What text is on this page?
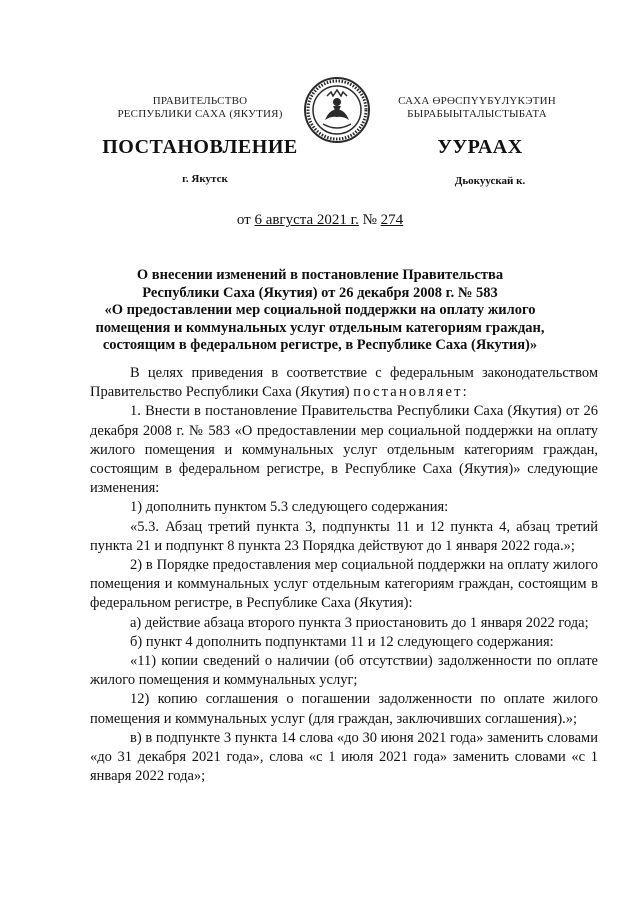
ПРАВИТЕЛЬСТВО
РЕСПУБЛИКИ САХА (ЯКУТИЯ)
САХА ӨРӨСПҮҮБҮЛҮКЭТИН
БЫРАБЫЫТАЛЫСТЫБАТА
ПОСТАНОВЛЕНИЕ	УУРААХ
г. Якутск	Дьокуускай к.
от 6 августа 2021 г. № 274
О внесении изменений в постановление Правительства
Республики Саха (Якутия) от 26 декабря 2008 г. № 583
«О предоставлении мер социальной поддержки на оплату жилого
помещения и коммунальных услуг отдельным категориям граждан,
состоящим в федеральном регистре, в Республике Саха (Якутия)»

В целях приведения в соответствие с федеральным законодательством Правительство Республики Саха (Якутия) постановляет:

1. Внести в постановление Правительства Республики Саха (Якутия) от 26 декабря 2008 г. № 583 «О предоставлении мер социальной поддержки на оплату жилого помещения и коммунальных услуг отдельным категориям граждан, состоящим в федеральном регистре, в Республике Саха (Якутия)» следующие изменения:

1) дополнить пунктом 5.3 следующего содержания:

«5.3. Абзац третий пункта 3, подпункты 11 и 12 пункта 4, абзац третий пункта 21 и подпункт 8 пункта 23 Порядка действуют до 1 января 2022 года.»;

2) в Порядке предоставления мер социальной поддержки на оплату жилого помещения и коммунальных услуг отдельным категориям граждан, состоящим в федеральном регистре, в Республике Саха (Якутия):

а) действие абзаца второго пункта 3 приостановить до 1 января 2022 года;

б) пункт 4 дополнить подпунктами 11 и 12 следующего содержания:

«11) копии сведений о наличии (об отсутствии) задолженности по оплате жилого помещения и коммунальных услуг;

12) копию соглашения о погашении задолженности по оплате жилого помещения и коммунальных услуг (для граждан, заключивших соглашения).»;

в) в подпункте 3 пункта 14 слова «до 30 июня 2021 года» заменить словами «до 31 декабря 2021 года», слова «с 1 июля 2021 года» заменить словами «с 1 января 2022 года»;
